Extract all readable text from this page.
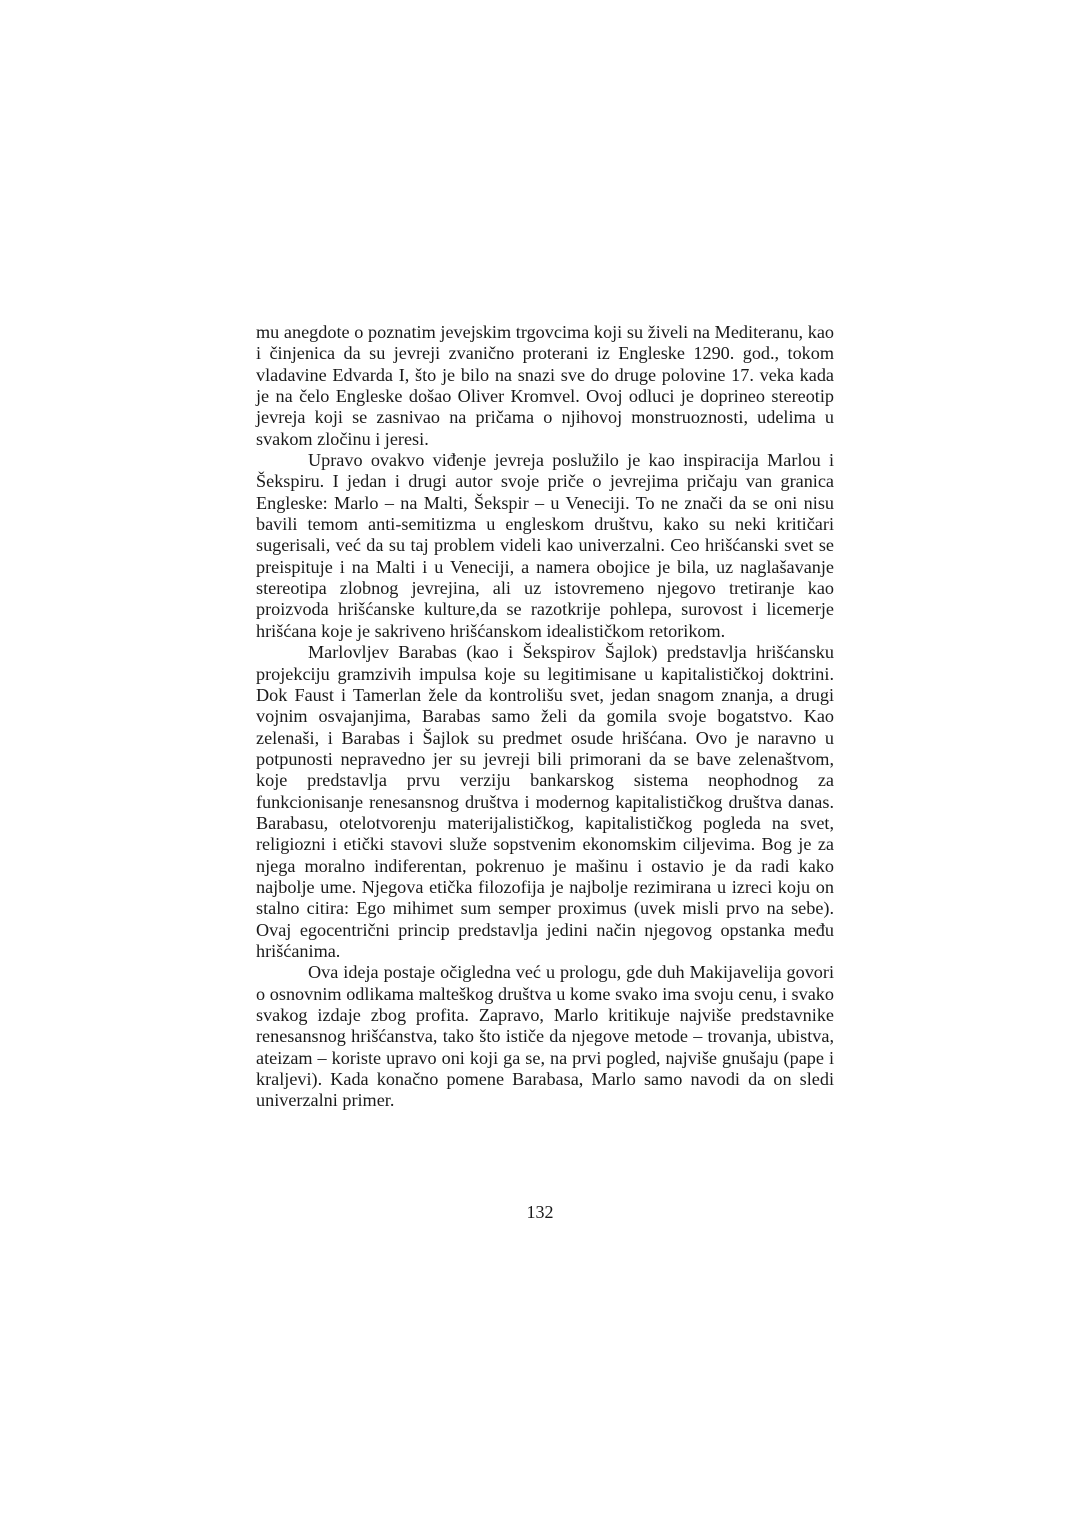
mu anegdote o poznatim jevejskim trgovcima koji su živeli na Mediteranu, kao i činjenica da su jevreji zvanično proterani iz Engleske 1290. god., tokom vladavine Edvarda I, što je bilo na snazi sve do druge polovine 17. veka kada je na čelo Engleske došao Oliver Kromvel. Ovoj odluci je doprineo stereotip jevreja koji se zasnivao na pričama o njihovoj monstruoznosti, udelima u svakom zločinu i jeresi.

Upravo ovakvo viđenje jevreja poslužilo je kao inspiracija Marlou i Šekspiru. I jedan i drugi autor svoje priče o jevrejima pričaju van granica Engleske: Marlo – na Malti, Šekspir – u Veneciji. To ne znači da se oni nisu bavili temom anti-semitizma u engleskom društvu, kako su neki kritičari sugerisali, već da su taj problem videli kao univerzalni. Ceo hrišćanski svet se preispituje i na Malti i u Veneciji, a namera obojice je bila, uz naglašavanje stereotipa zlobnog jevrejina, ali uz istovremeno njegovo tretiranje kao proizvoda hrišćanske kulture,da se razotkrije pohlepa, surovost i licemerje hrišćana koje je sakriveno hrišćanskom idealističkom retorikom.

Marlovljev Barabas (kao i Šekspirov Šajlok) predstavlja hrišćansku projekciju gramzivih impulsa koje su legitimisane u kapitalističkoj doktrini. Dok Faust i Tamerlan žele da kontrolišu svet, jedan snagom znanja, a drugi vojnim osvajanjima, Barabas samo želi da gomila svoje bogatstvo. Kao zelenaši, i Barabas i Šajlok su predmet osude hrišćana. Ovo je naravno u potpunosti nepravedno jer su jevreji bili primorani da se bave zelenaštvom, koje predstavlja prvu verziju bankarskog sistema neophodnog za funkcionisanje renesansnog društva i modernog kapitalističkog društva danas. Barabasu, otelotvorenju materijalističkog, kapitalističkog pogleda na svet, religiozni i etički stavovi služe sopstvenim ekonomskim ciljevima. Bog je za njega moralno indiferentan, pokrenuo je mašinu i ostavio je da radi kako najbolje ume. Njegova etička filozofija je najbolje rezimirana u izreci koju on stalno citira: Ego mihimet sum semper proximus (uvek misli prvo na sebe). Ovaj egocentrični princip predstavlja jedini način njegovog opstanka među hrišćanima.

Ova ideja postaje očigledna već u prologu, gde duh Makijavelija govori o osnovnim odlikama malteškog društva u kome svako ima svoju cenu, i svako svakog izdaje zbog profita. Zapravo, Marlo kritikuje najviše predstavnike renesansnog hrišćanstva, tako što ističe da njegove metode – trovanja, ubistva, ateizam – koriste upravo oni koji ga se, na prvi pogled, najviše gnušaju (pape i kraljevi). Kada konačno pomene Barabasa, Marlo samo navodi da on sledi univerzalni primer.

132
